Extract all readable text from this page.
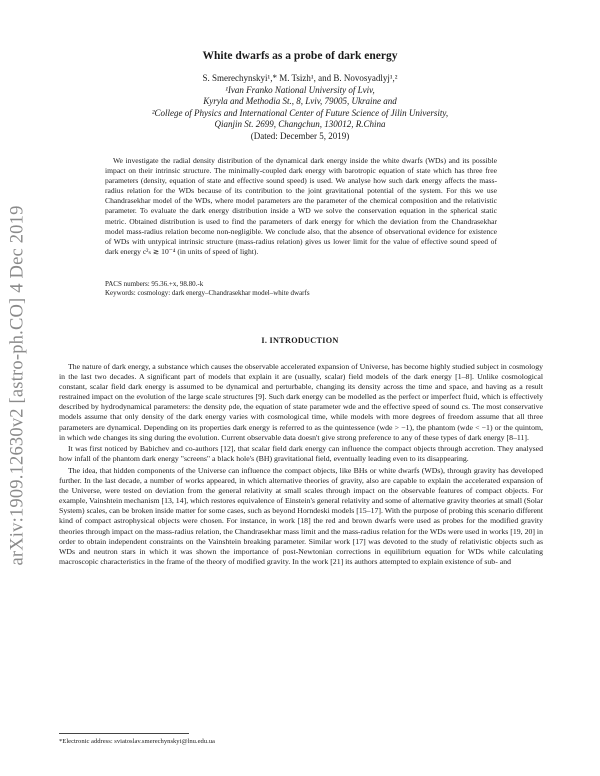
arXiv:1909.12630v2 [astro-ph.CO] 4 Dec 2019
White dwarfs as a probe of dark energy
S. Smerechynskyi¹,* M. Tsizh¹, and B. Novosyadlyj¹,²
¹Ivan Franko National University of Lviv,
Kyryla and Methodia St., 8, Lviv, 79005, Ukraine and
²College of Physics and International Center of Future Science of Jilin University,
Qianjin St. 2699, Changchun, 130012, R.China
(Dated: December 5, 2019)

We investigate the radial density distribution of the dynamical dark energy inside the white dwarfs (WDs) and its possible impact on their intrinsic structure. The minimally-coupled dark energy with barotropic equation of state which has three free parameters (density, equation of state and effective sound speed) is used. We analyse how such dark energy affects the mass-radius relation for the WDs because of its contribution to the joint gravitational potential of the system. For this we use Chandrasekhar model of the WDs, where model parameters are the parameter of the chemical composition and the relativistic parameter. To evaluate the dark energy distribution inside a WD we solve the conservation equation in the spherical static metric. Obtained distribution is used to find the parameters of dark energy for which the deviation from the Chandrasekhar model mass-radius relation become non-negligible. We conclude also, that the absence of observational evidence for existence of WDs with untypical intrinsic structure (mass-radius relation) gives us lower limit for the value of effective sound speed of dark energy c²ₛ ≳ 10⁻⁴ (in units of speed of light).

PACS numbers: 95.36.+x, 98.80.-k
Keywords: cosmology: dark energy–Chandrasekhar model–white dwarfs
I. INTRODUCTION

The nature of dark energy, a substance which causes the observable accelerated expansion of Universe, has become highly studied subject in cosmology in the last two decades. A significant part of models that explain it are (usually, scalar) field models of the dark energy [1–8]. Unlike cosmological constant, scalar field dark energy is assumed to be dynamical and perturbable, changing its density across the time and space, and having as a result restrained impact on the evolution of the large scale structures [9]. Such dark energy can be modelled as the perfect or imperfect fluid, which is effectively described by hydrodynamical parameters: the density ρde, the equation of state parameter wde and the effective speed of sound cs. The most conservative models assume that only density of the dark energy varies with cosmological time, while models with more degrees of freedom assume that all three parameters are dynamical. Depending on its properties dark energy is referred to as the quintessence (wde > −1), the phantom (wde < −1) or the quintom, in which wde changes its sing during the evolution. Current observable data doesn't give strong preference to any of these types of dark energy [8–11].

It was first noticed by Babichev and co-authors [12], that scalar field dark energy can influence the compact objects through accretion. They analysed how infall of the phantom dark energy "screens" a black hole's (BH) gravitational field, eventually leading even to its disappearing.

The idea, that hidden components of the Universe can influence the compact objects, like BHs or white dwarfs (WDs), through gravity has developed further. In the last decade, a number of works appeared, in which alternative theories of gravity, also are capable to explain the accelerated expansion of the Universe, were tested on deviation from the general relativity at small scales through impact on the observable features of compact objects. For example, Vainshtein mechanism [13, 14], which restores equivalence of Einstein's general relativity and some of alternative gravity theories at small (Solar System) scales, can be broken inside matter for some cases, such as beyond Horndeski models [15–17]. With the purpose of probing this scenario different kind of compact astrophysical objects were chosen. For instance, in work [18] the red and brown dwarfs were used as probes for the modified gravity theories through impact on the mass-radius relation, the Chandrasekhar mass limit and the mass-radius relation for the WDs were used in works [19, 20] in order to obtain independent constraints on the Vainshtein breaking parameter. Similar work [17] was devoted to the study of relativistic objects such as WDs and neutron stars in which it was shown the importance of post-Newtonian corrections in equilibrium equation for WDs while calculating macroscopic characteristics in the frame of the theory of modified gravity. In the work [21] its authors attempted to explain existence of sub- and

*Electronic address: sviatoslav.smerechynskyi@lnu.edu.ua
